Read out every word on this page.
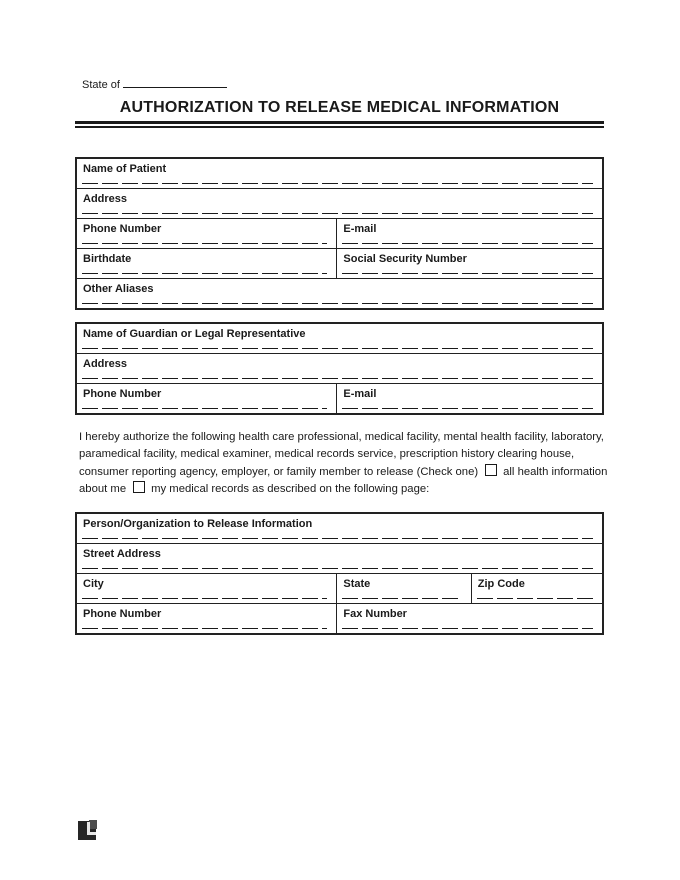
State of
AUTHORIZATION TO RELEASE MEDICAL INFORMATION
Name of Patient
Address
Phone Number	E-mail
Birthdate	Social Security Number
Other Aliases
Name of Guardian or Legal Representative
Address
Phone Number	E-mail
I hereby authorize the following health care professional, medical facility, mental health facility, laboratory, paramedical facility, medical examiner, medical records service, prescription history clearing house, consumer reporting agency, employer, or family member to release (Check one) all health information about me my medical records as described on the following page:
Person/Organization to Release Information
Street Address
City	State	Zip Code
Phone Number	Fax Number
